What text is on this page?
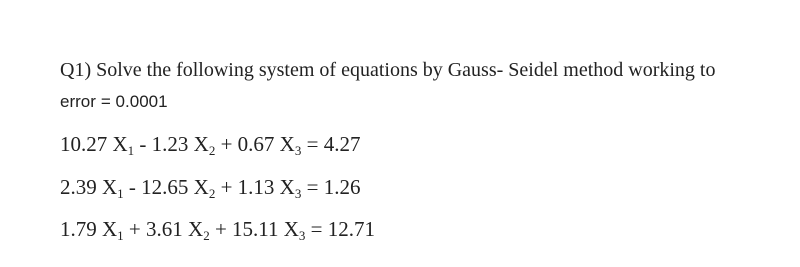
Q1) Solve the following system of equations by Gauss- Seidel method working to
error = 0.0001
10.27 $X_1 - 1.23$ $X_2 + 0.67$ $X_3 = 4.27$
2.39 $X_1 - 12.65$ $X_2 + 1.13$ $X_3 = 1.26$
1.79 $X_1 + 3.61$ $X_2 + 15.11$ $X_3 = 12.71$
